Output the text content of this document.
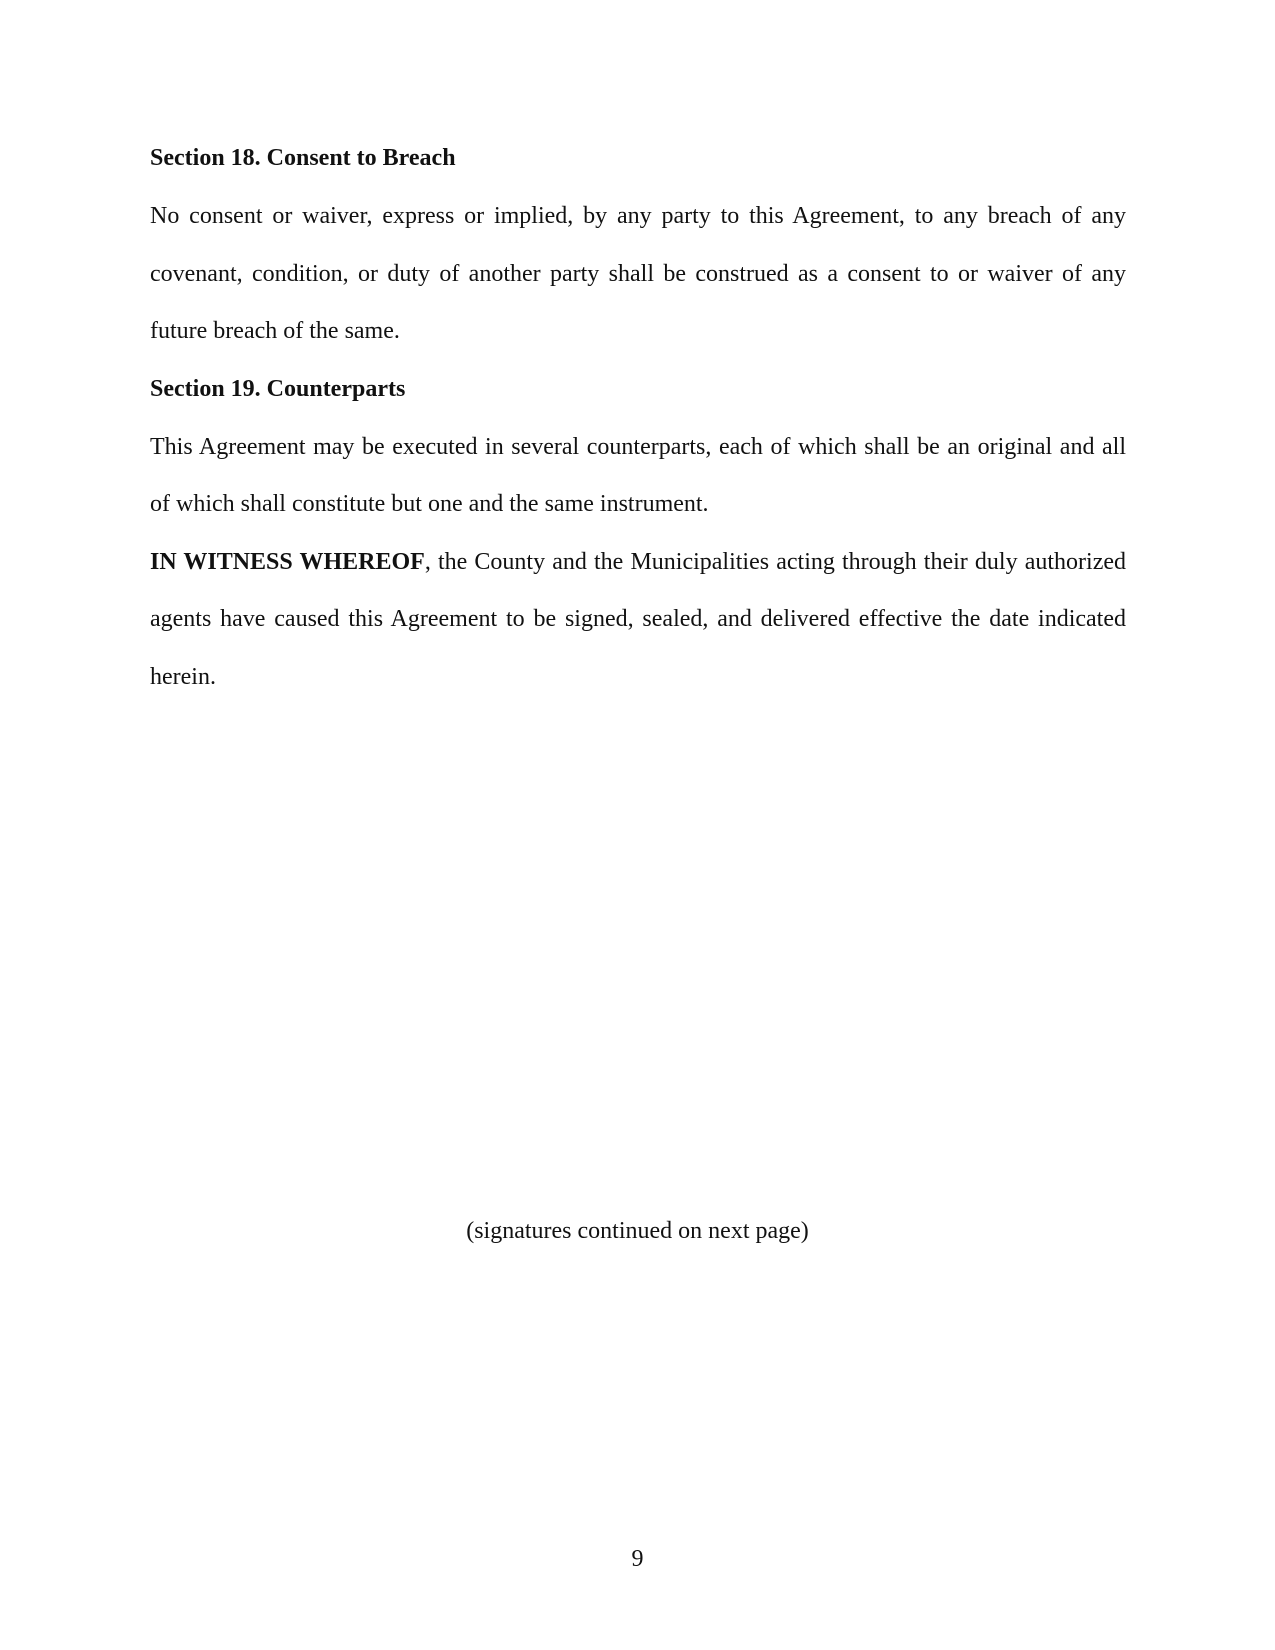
Section 18. Consent to Breach

No consent or waiver, express or implied, by any party to this Agreement, to any breach of any covenant, condition, or duty of another party shall be construed as a consent to or waiver of any future breach of the same.

Section 19. Counterparts

This Agreement may be executed in several counterparts, each of which shall be an original and all of which shall constitute but one and the same instrument.

IN WITNESS WHEREOF, the County and the Municipalities acting through their duly authorized agents have caused this Agreement to be signed, sealed, and delivered effective the date indicated herein.

(signatures continued on next page)
9
